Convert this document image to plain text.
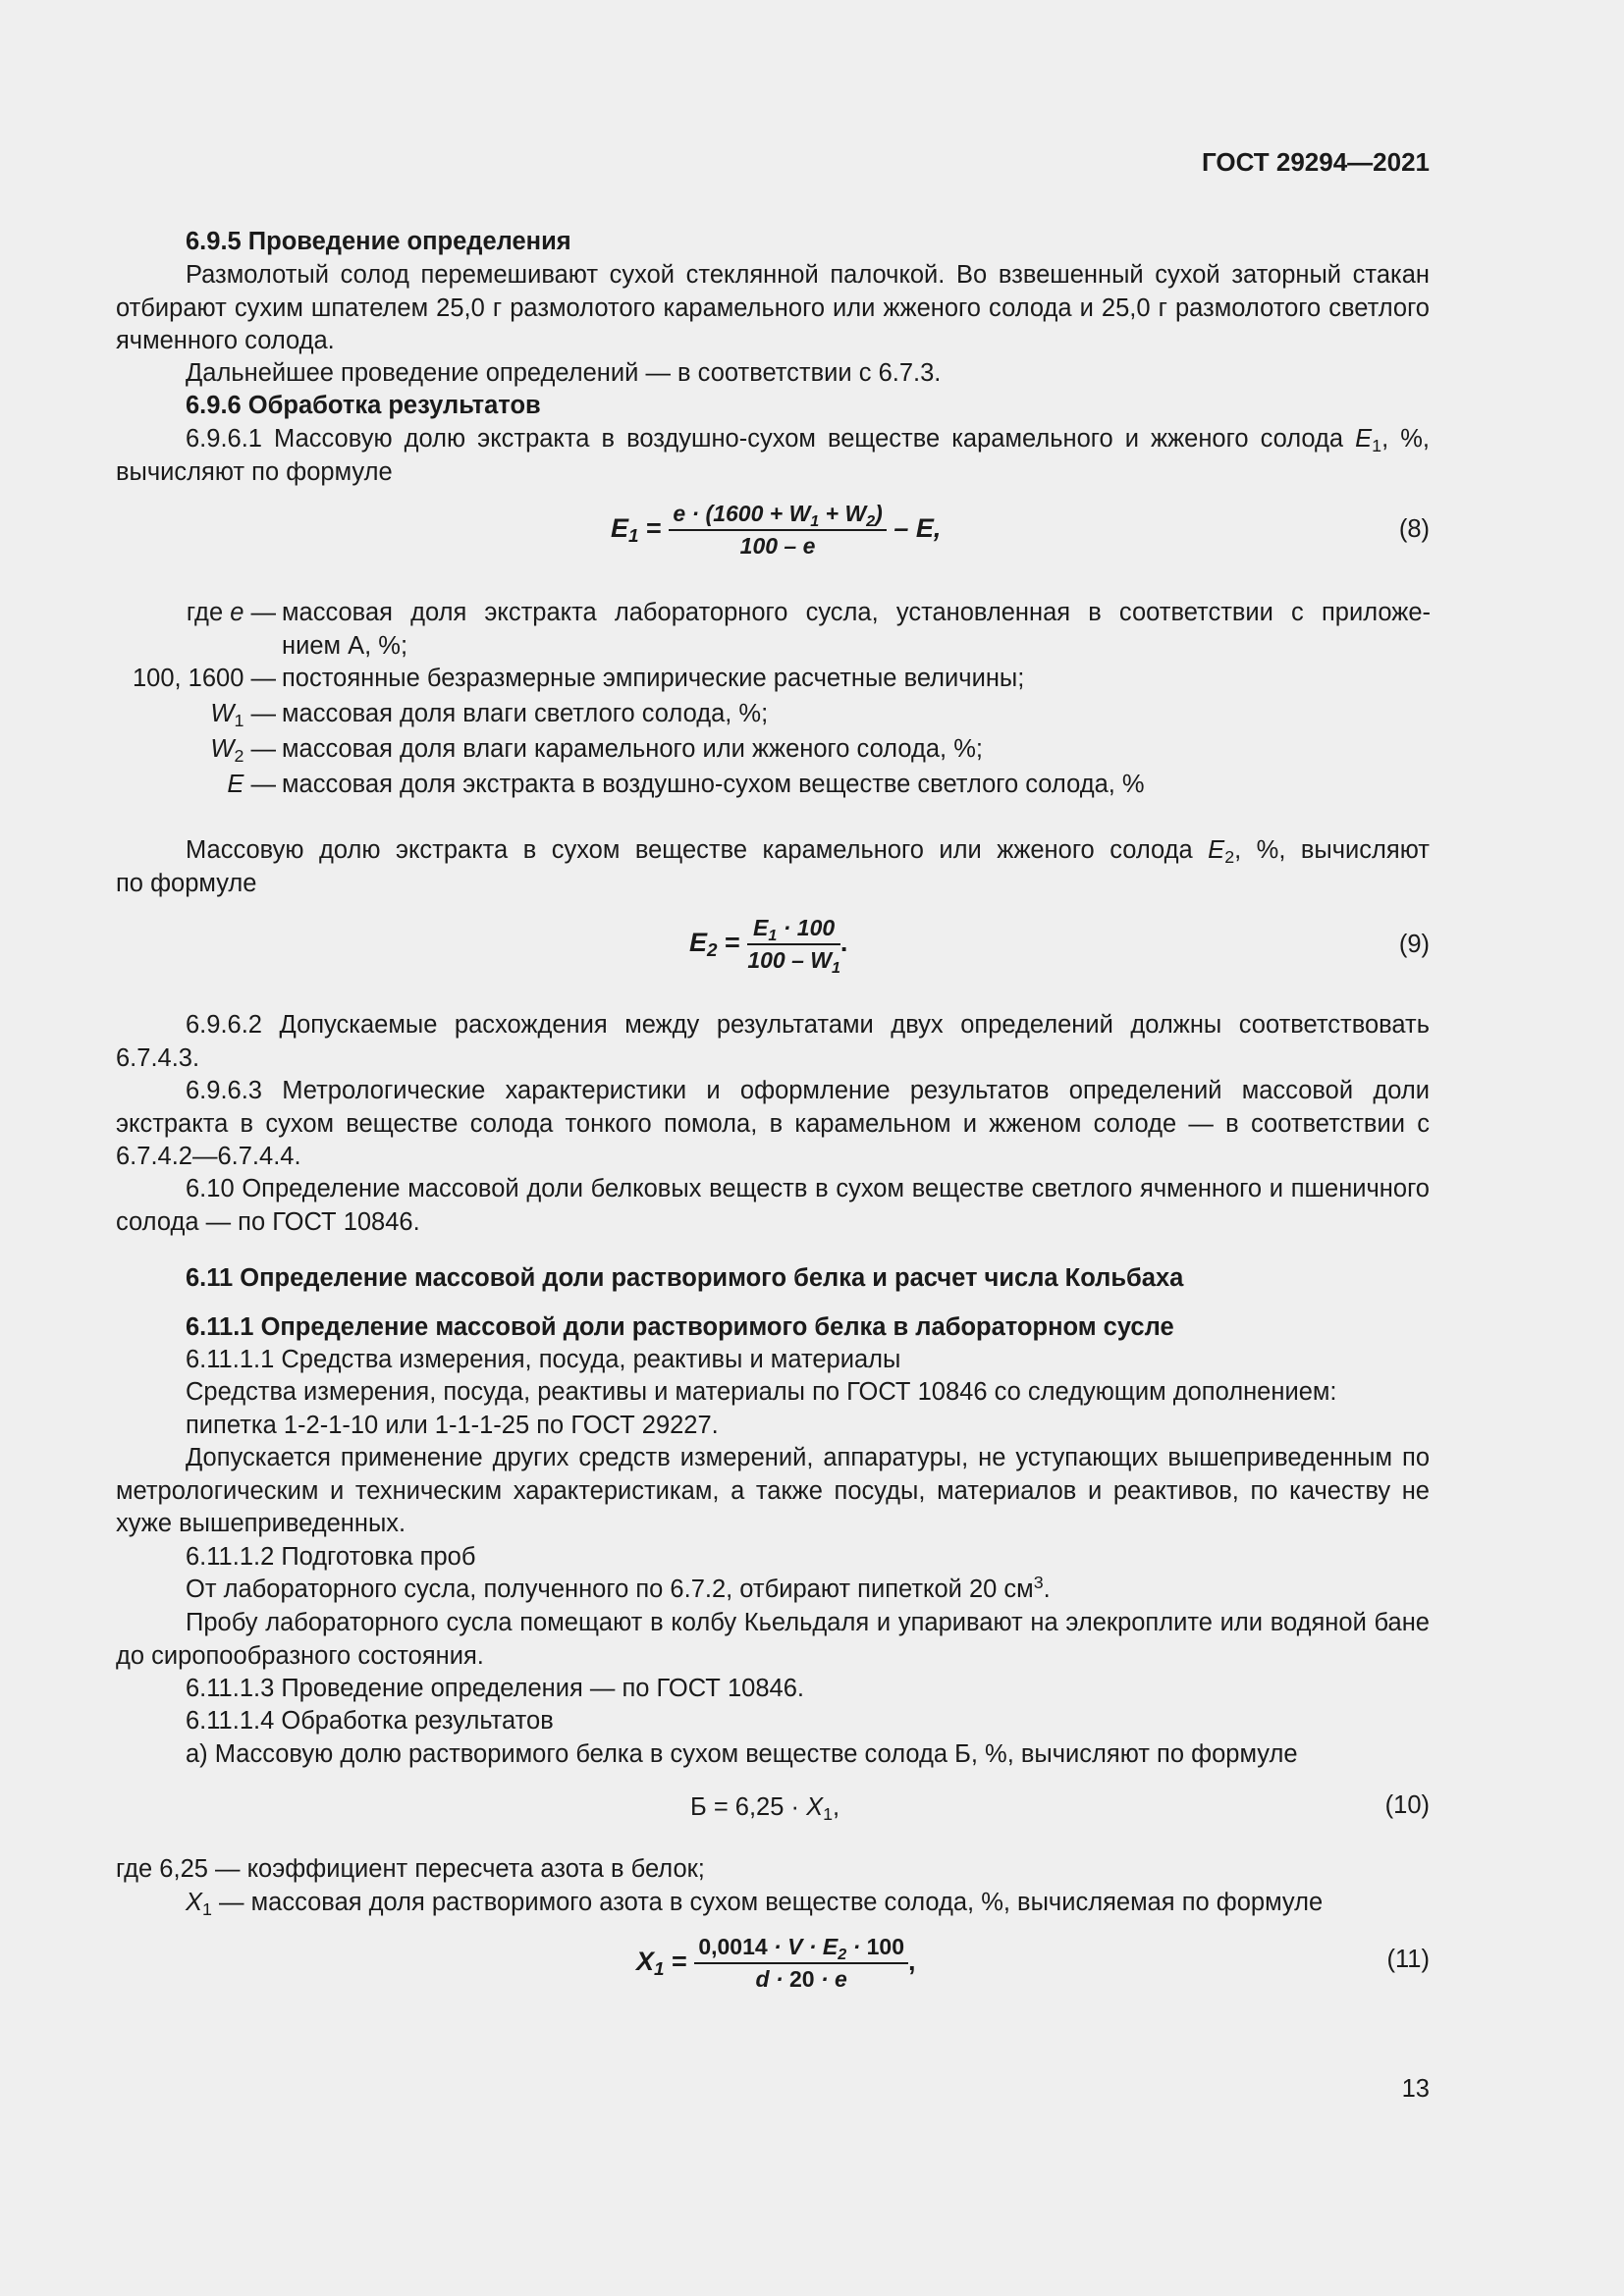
ГОСТ 29294—2021
6.9.5 Проведение определения
Размолотый солод перемешивают сухой стеклянной палочкой. Во взвешенный сухой заторный стакан отбирают сухим шпателем 25,0 г размолотого карамельного или жженого солода и 25,0 г размолотого светлого ячменного солода.
Дальнейшее проведение определений — в соответствии с 6.7.3.
6.9.6 Обработка результатов
6.9.6.1 Массовую долю экстракта в воздушно-сухом веществе карамельного и жженого солода $E_1$, %, вычисляют по формуле
$E_1 = \frac{e \cdot (1600 + W_1 + W_2)}{100 - e} - E$,	(8)
где e — массовая доля экстракта лабораторного сусла, установленная в соответствии с приложе-
нием А, %;
100, 1600 — постоянные безразмерные эмпирические расчетные величины;
$W_1$ — массовая доля влаги светлого солода, %;
$W_2$ — массовая доля влаги карамельного или жженого солода, %;
E — массовая доля экстракта в воздушно-сухом веществе светлого солода, %
Массовую долю экстракта в сухом веществе карамельного или жженого солода $E_2$, %, вычисляют
по формуле
$E_2 = \frac{E_1 \cdot 100}{100 - W_1}$ .	(9)
6.9.6.2 Допускаемые расхождения между результатами двух определений должны соответствовать 6.7.4.3.
6.9.6.3 Метрологические характеристики и оформление результатов определений массовой доли экстракта в сухом веществе солода тонкого помола, в карамельном и жженом солоде — в соответствии с 6.7.4.2—6.7.4.4.
6.10 Определение массовой доли белковых веществ в сухом веществе светлого ячменного и пшеничного солода — по ГОСТ 10846.
6.11 Определение массовой доли растворимого белка и расчет числа Кольбаха
6.11.1 Определение массовой доли растворимого белка в лабораторном сусле
6.11.1.1 Средства измерения, посуда, реактивы и материалы
Средства измерения, посуда, реактивы и материалы по ГОСТ 10846 со следующим дополнением:
пипетка 1-2-1-10 или 1-1-1-25 по ГОСТ 29227.
Допускается применение других средств измерений, аппаратуры, не уступающих вышеприведенным по метрологическим и техническим характеристикам, а также посуды, материалов и реактивов, по качеству не хуже вышеприведенных.
6.11.1.2 Подготовка проб
От лабораторного сусла, полученного по 6.7.2, отбирают пипеткой 20 $см^3$.
Пробу лабораторного сусла помещают в колбу Кьельдаля и упаривают на элекроплите или водяной бане до сиропообразного состояния.
6.11.1.3 Проведение определения — по ГОСТ 10846.
6.11.1.4 Обработка результатов
а) Массовую долю растворимого белка в сухом веществе солода Б, %, вычисляют по формуле
$Б = 6,25 \cdot X_1$,	(10)
где 6,25 — коэффициент пересчета азота в белок;
$X_1$ — массовая доля растворимого азота в сухом веществе солода, %, вычисляемая по формуле
$X_1 = \frac{0,0014 \cdot V \cdot E_2 \cdot 100}{d \cdot 20 \cdot e}$ ,	(11)
13
